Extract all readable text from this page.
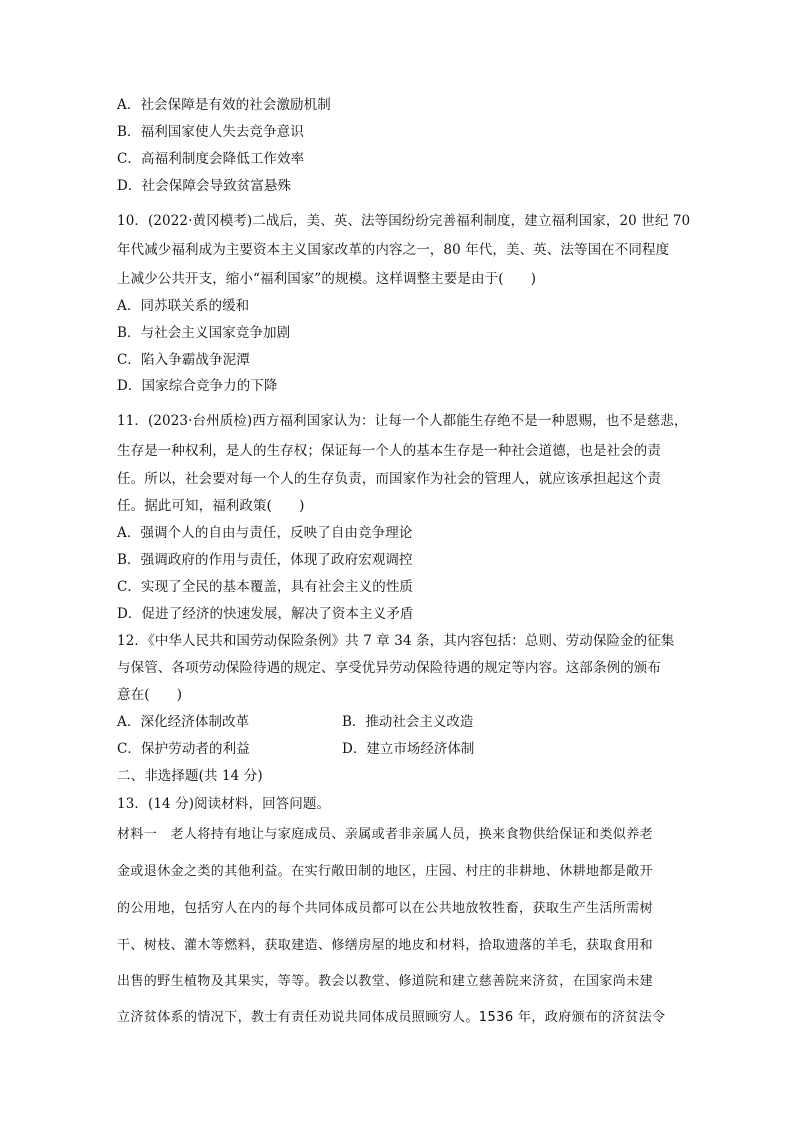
A．社会保障是有效的社会激励机制
B．福利国家使人失去竞争意识
C．高福利制度会降低工作效率
D．社会保障会导致贫富悬殊
10．(2022·黄冈模考)二战后，美、英、法等国纷纷完善福利制度，建立福利国家，20 世纪 70
年代减少福利成为主要资本主义国家改革的内容之一，80 年代，美、英、法等国在不同程度
上减少公共开支，缩小“福利国家”的规模。这样调整主要是由于(　　)
A．同苏联关系的缓和
B．与社会主义国家竞争加剧
C．陷入争霸战争泥潭
D．国家综合竞争力的下降
11．(2023·台州质检)西方福利国家认为：让每一个人都能生存绝不是一种恩赐，也不是慈悲，
生存是一种权利，是人的生存权；保证每一个人的基本生存是一种社会道德，也是社会的责
任。所以，社会要对每一个人的生存负责，而国家作为社会的管理人，就应该承担起这个责
任。据此可知，福利政策(　　)
A．强调个人的自由与责任，反映了自由竞争理论
B．强调政府的作用与责任，体现了政府宏观调控
C．实现了全民的基本覆盖，具有社会主义的性质
D．促进了经济的快速发展，解决了资本主义矛盾
12．《中华人民共和国劳动保险条例》共 7 章 34 条，其内容包括：总则、劳动保险金的征集
与保管、各项劳动保险待遇的规定、享受优异劳动保险待遇的规定等内容。这部条例的颁布
意在(　　)
A．深化经济体制改革	B．推动社会主义改造
C．保护劳动者的利益	D．建立市场经济体制
二、非选择题(共 14 分)
13．(14 分)阅读材料，回答问题。
材料一　老人将持有地让与家庭成员、亲属或者非亲属人员，换来食物供给保证和类似养老
金或退休金之类的其他利益。在实行敞田制的地区，庄园、村庄的非耕地、休耕地都是敞开
的公用地，包括穷人在内的每个共同体成员都可以在公共地放牧牲畜，获取生产生活所需树
干、树枝、灌木等燃料，获取建造、修缮房屋的地皮和材料，拾取遗落的羊毛，获取食用和
出售的野生植物及其果实，等等。教会以教堂、修道院和建立慈善院来济贫，在国家尚未建
立济贫体系的情况下，教士有责任劝说共同体成员照顾穷人。1536 年，政府颁布的济贫法令
